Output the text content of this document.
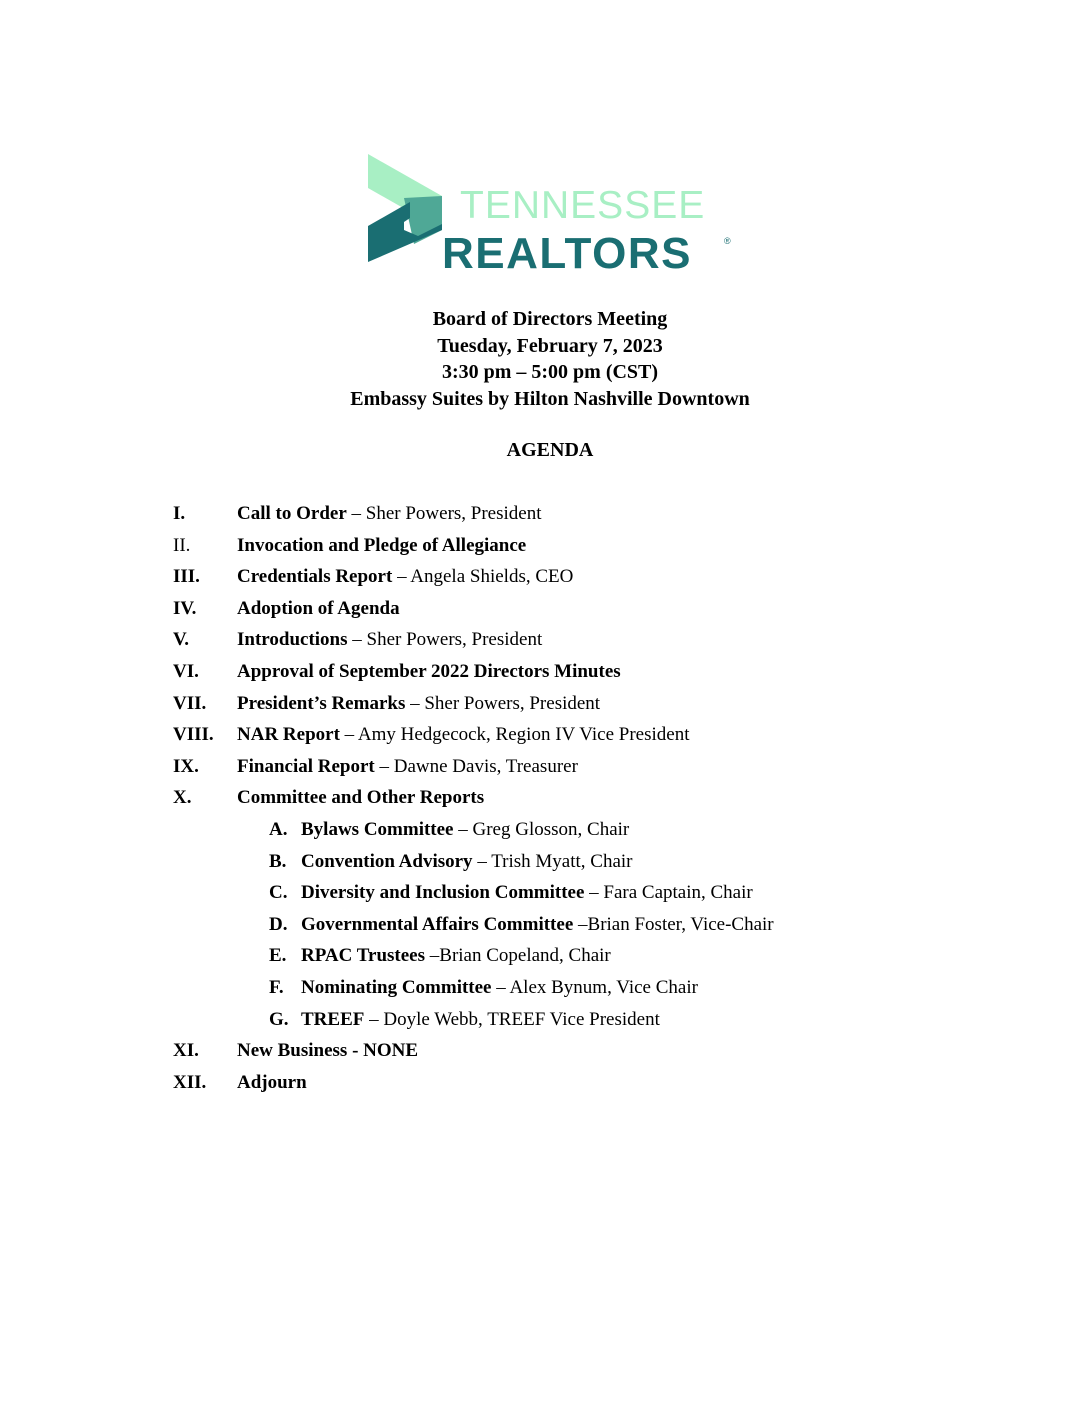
TENNESSEE
REALTORS	®
Board of Directors Meeting
Tuesday, February 7, 2023
3:30 pm – 5:00 pm (CST)
Embassy Suites by Hilton Nashville Downtown
AGENDA
I.	Call to Order – Sher Powers, President
II. Invocation and Pledge of Allegiance
III. Credentials Report – Angela Shields, CEO
IV. Adoption of Agenda
V.	Introductions – Sher Powers, President
VI. Approval of September 2022 Directors Minutes
VII. President’s Remarks – Sher Powers, President
VIII. NAR Report – Amy Hedgecock, Region IV Vice President
IX. Financial Report – Dawne Davis, Treasurer
X. Committee and Other Reports
A. Bylaws Committee – Greg Glosson, Chair
B. Convention Advisory – Trish Myatt, Chair
C. Diversity and Inclusion Committee – Fara Captain, Chair
D. Governmental Affairs Committee –Brian Foster, Vice-Chair
E. RPAC Trustees –Brian Copeland, Chair
F. Nominating Committee – Alex Bynum, Vice Chair
G. TREEF – Doyle Webb, TREEF Vice President
XI. New Business - NONE
XII. Adjourn
